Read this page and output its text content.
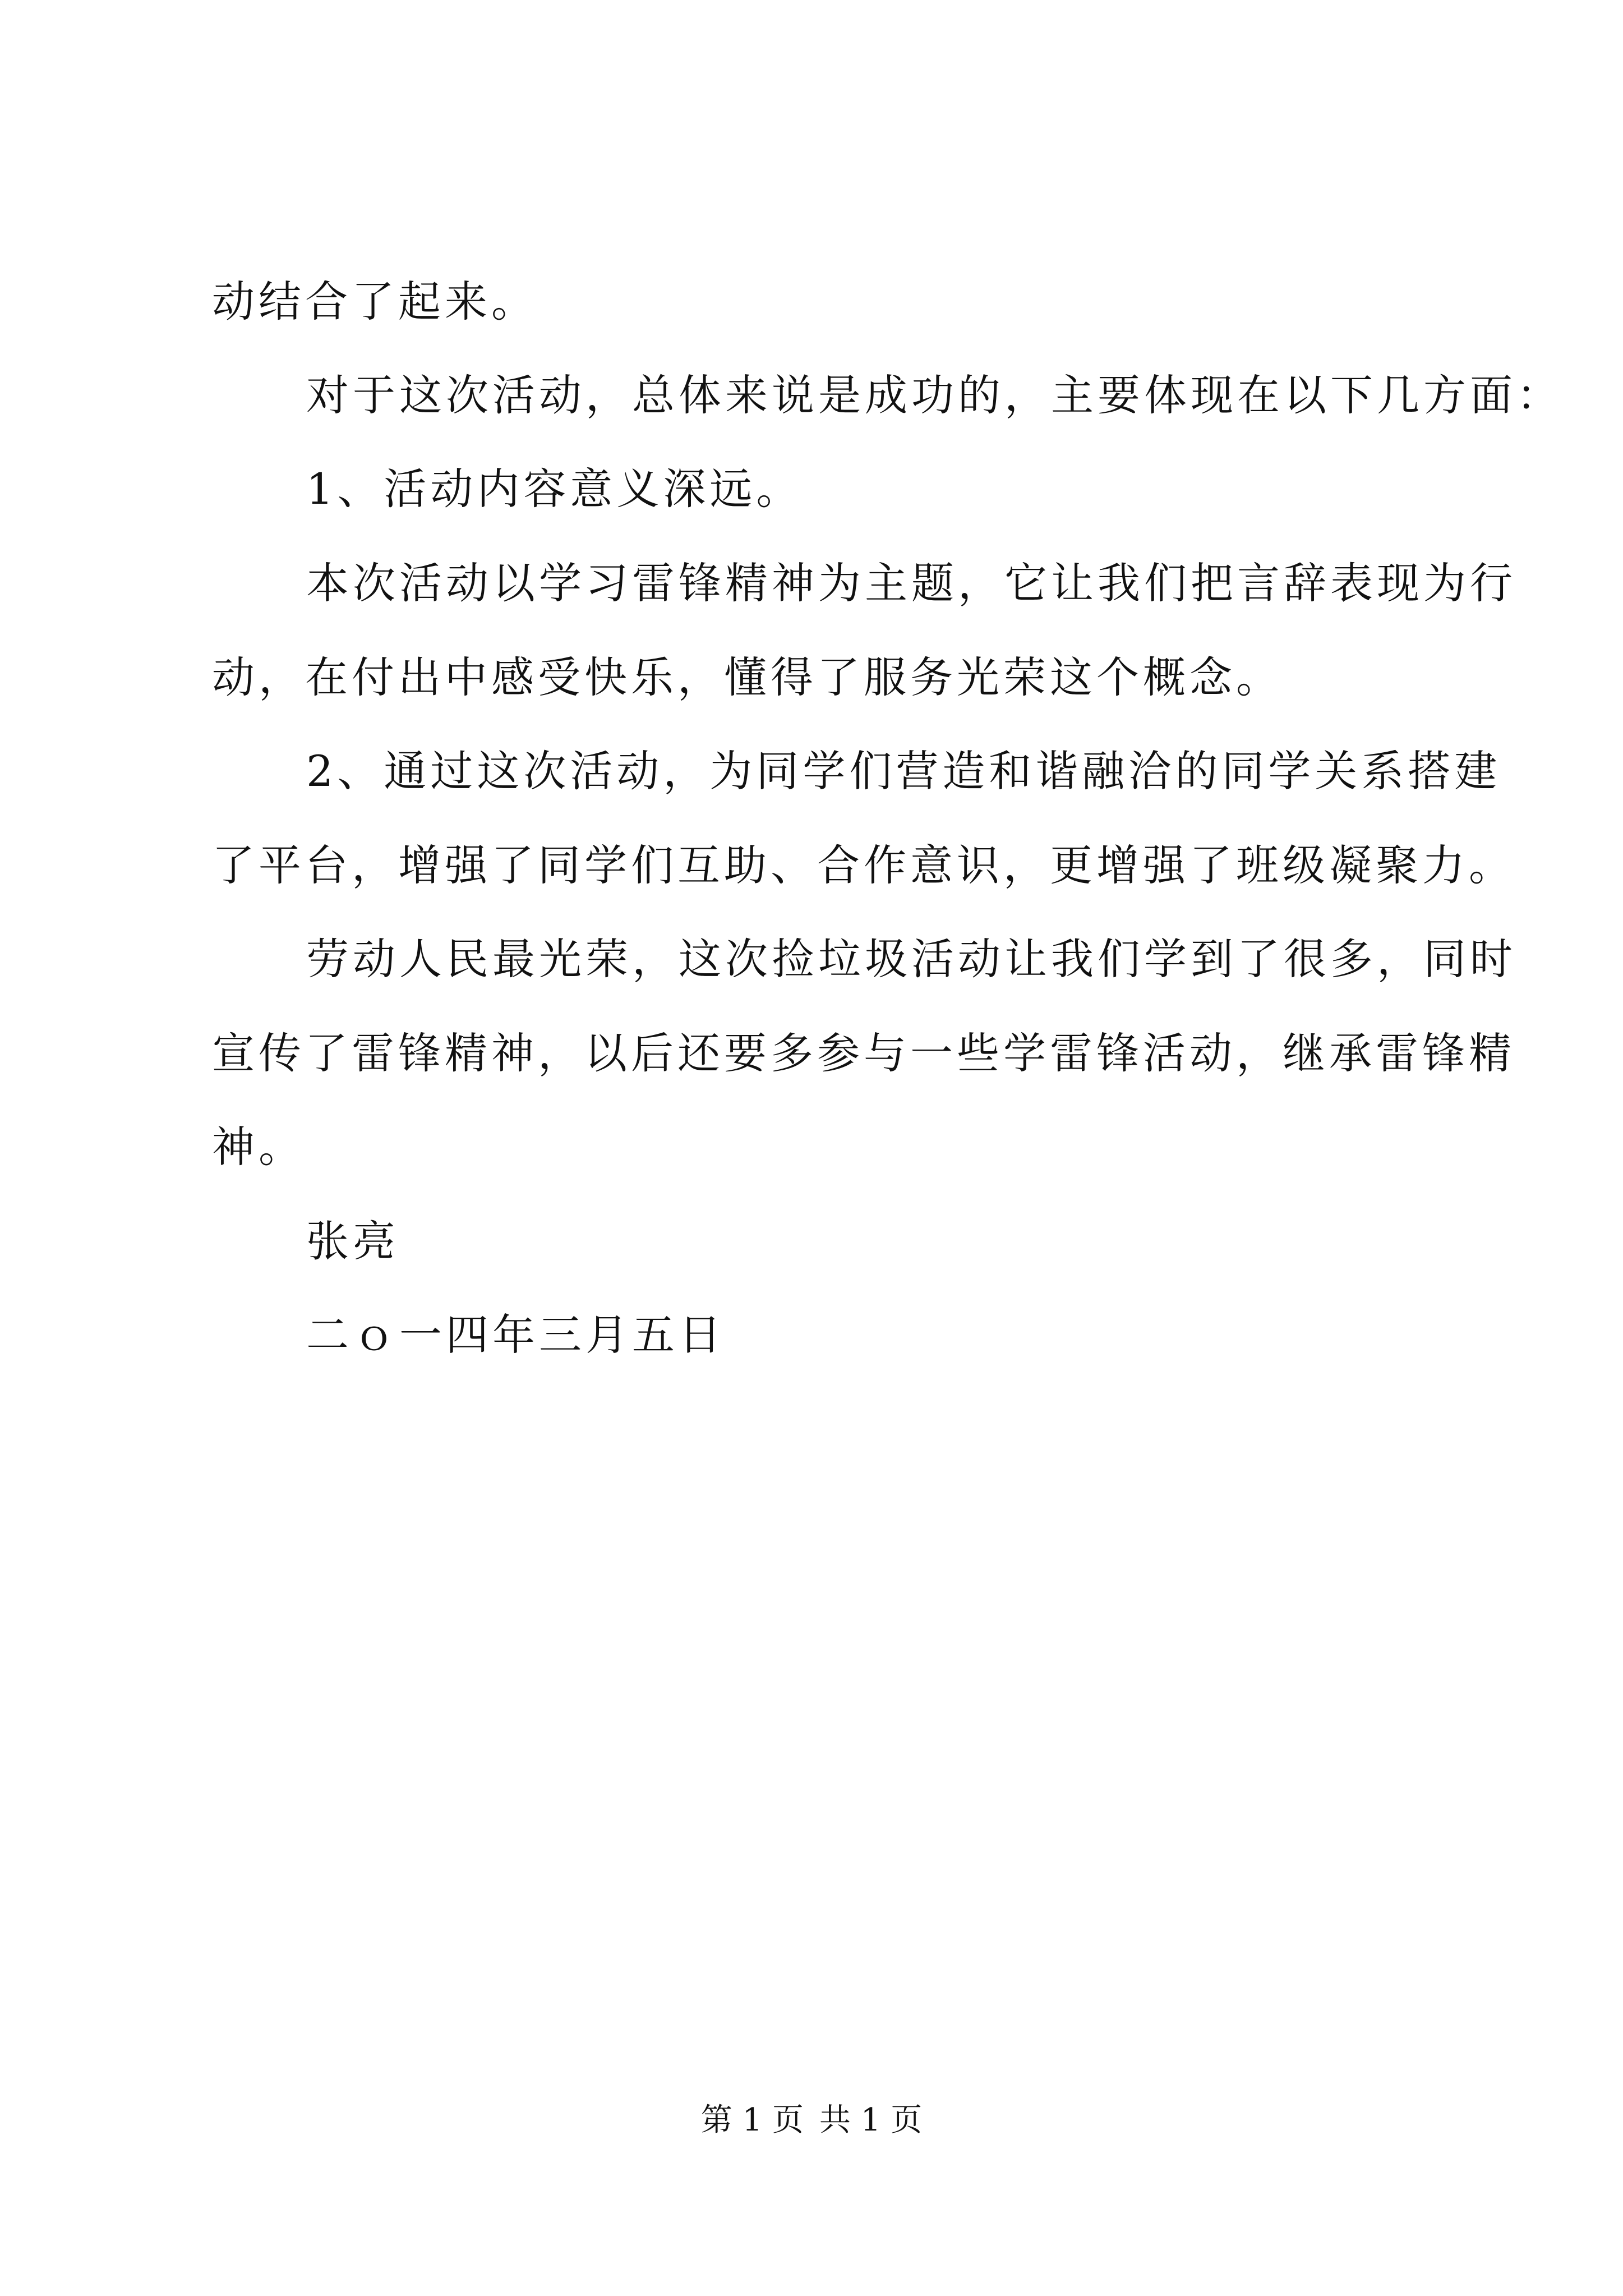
动结合了起来。
对于这次活动，总体来说是成功的，主要体现在以下几方面：
1、活动内容意义深远。
本次活动以学习雷锋精神为主题，它让我们把言辞表现为行
动，在付出中感受快乐，懂得了服务光荣这个概念。
2、通过这次活动，为同学们营造和谐融洽的同学关系搭建
了平台，增强了同学们互助、合作意识，更增强了班级凝聚力。
劳动人民最光荣，这次捡垃圾活动让我们学到了很多，同时
宣传了雷锋精神，以后还要多参与一些学雷锋活动，继承雷锋精
神。
张亮
二ｏ一四年三月五日
第 1 页 共 1 页
